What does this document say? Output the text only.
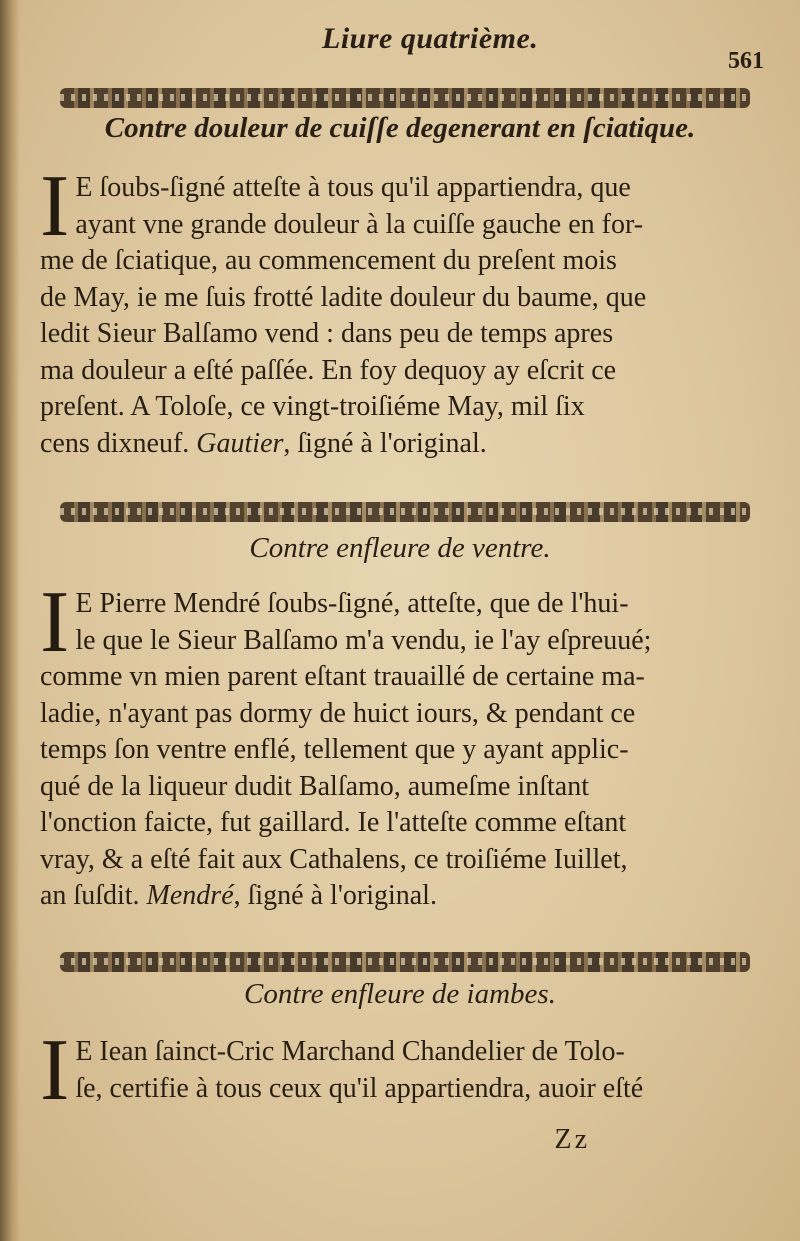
Liure quatrième.
561
Contre douleur de cuiſſe degenerant en ſciatique.
I E ſoubs-ſigné atteſte à tous qu'il appartiendra, que
ayant vne grande douleur à la cuiſſe gauche en for-
me de ſciatique, au commencement du preſent mois
de May, ie me ſuis frotté ladite douleur du baume, que
ledit Sieur Balſamo vend : dans peu de temps apres
ma douleur a eſté paſſée. En foy dequoy ay eſcrit ce
preſent. A Toloſe, ce vingt-troiſiéme May, mil ſix
cens dixneuf. Gautier, ſigné à l'original.
Contre enfleure de ventre.
I E Pierre Mendré ſoubs-ſigné, atteſte, que de l'hui-
le que le Sieur Balſamo m'a vendu, ie l'ay eſpreuué;
comme vn mien parent eſtant trauaillé de certaine ma-
ladie, n'ayant pas dormy de huict iours, & pendant ce
temps ſon ventre enflé, tellement que y ayant applic-
qué de la liqueur dudit Balſamo, aumeſme inſtant
l'onction faicte, fut gaillard. Ie l'atteſte comme eſtant
vray, & a eſté fait aux Cathalens, ce troiſiéme Iuillet,
an ſuſdit. Mendré, ſigné à l'original.
Contre enfleure de iambes.
I E Iean ſainct-Cric Marchand Chandelier de Tolo-
ſe, certifie à tous ceux qu'il appartiendra, auoir eſté
Zz
